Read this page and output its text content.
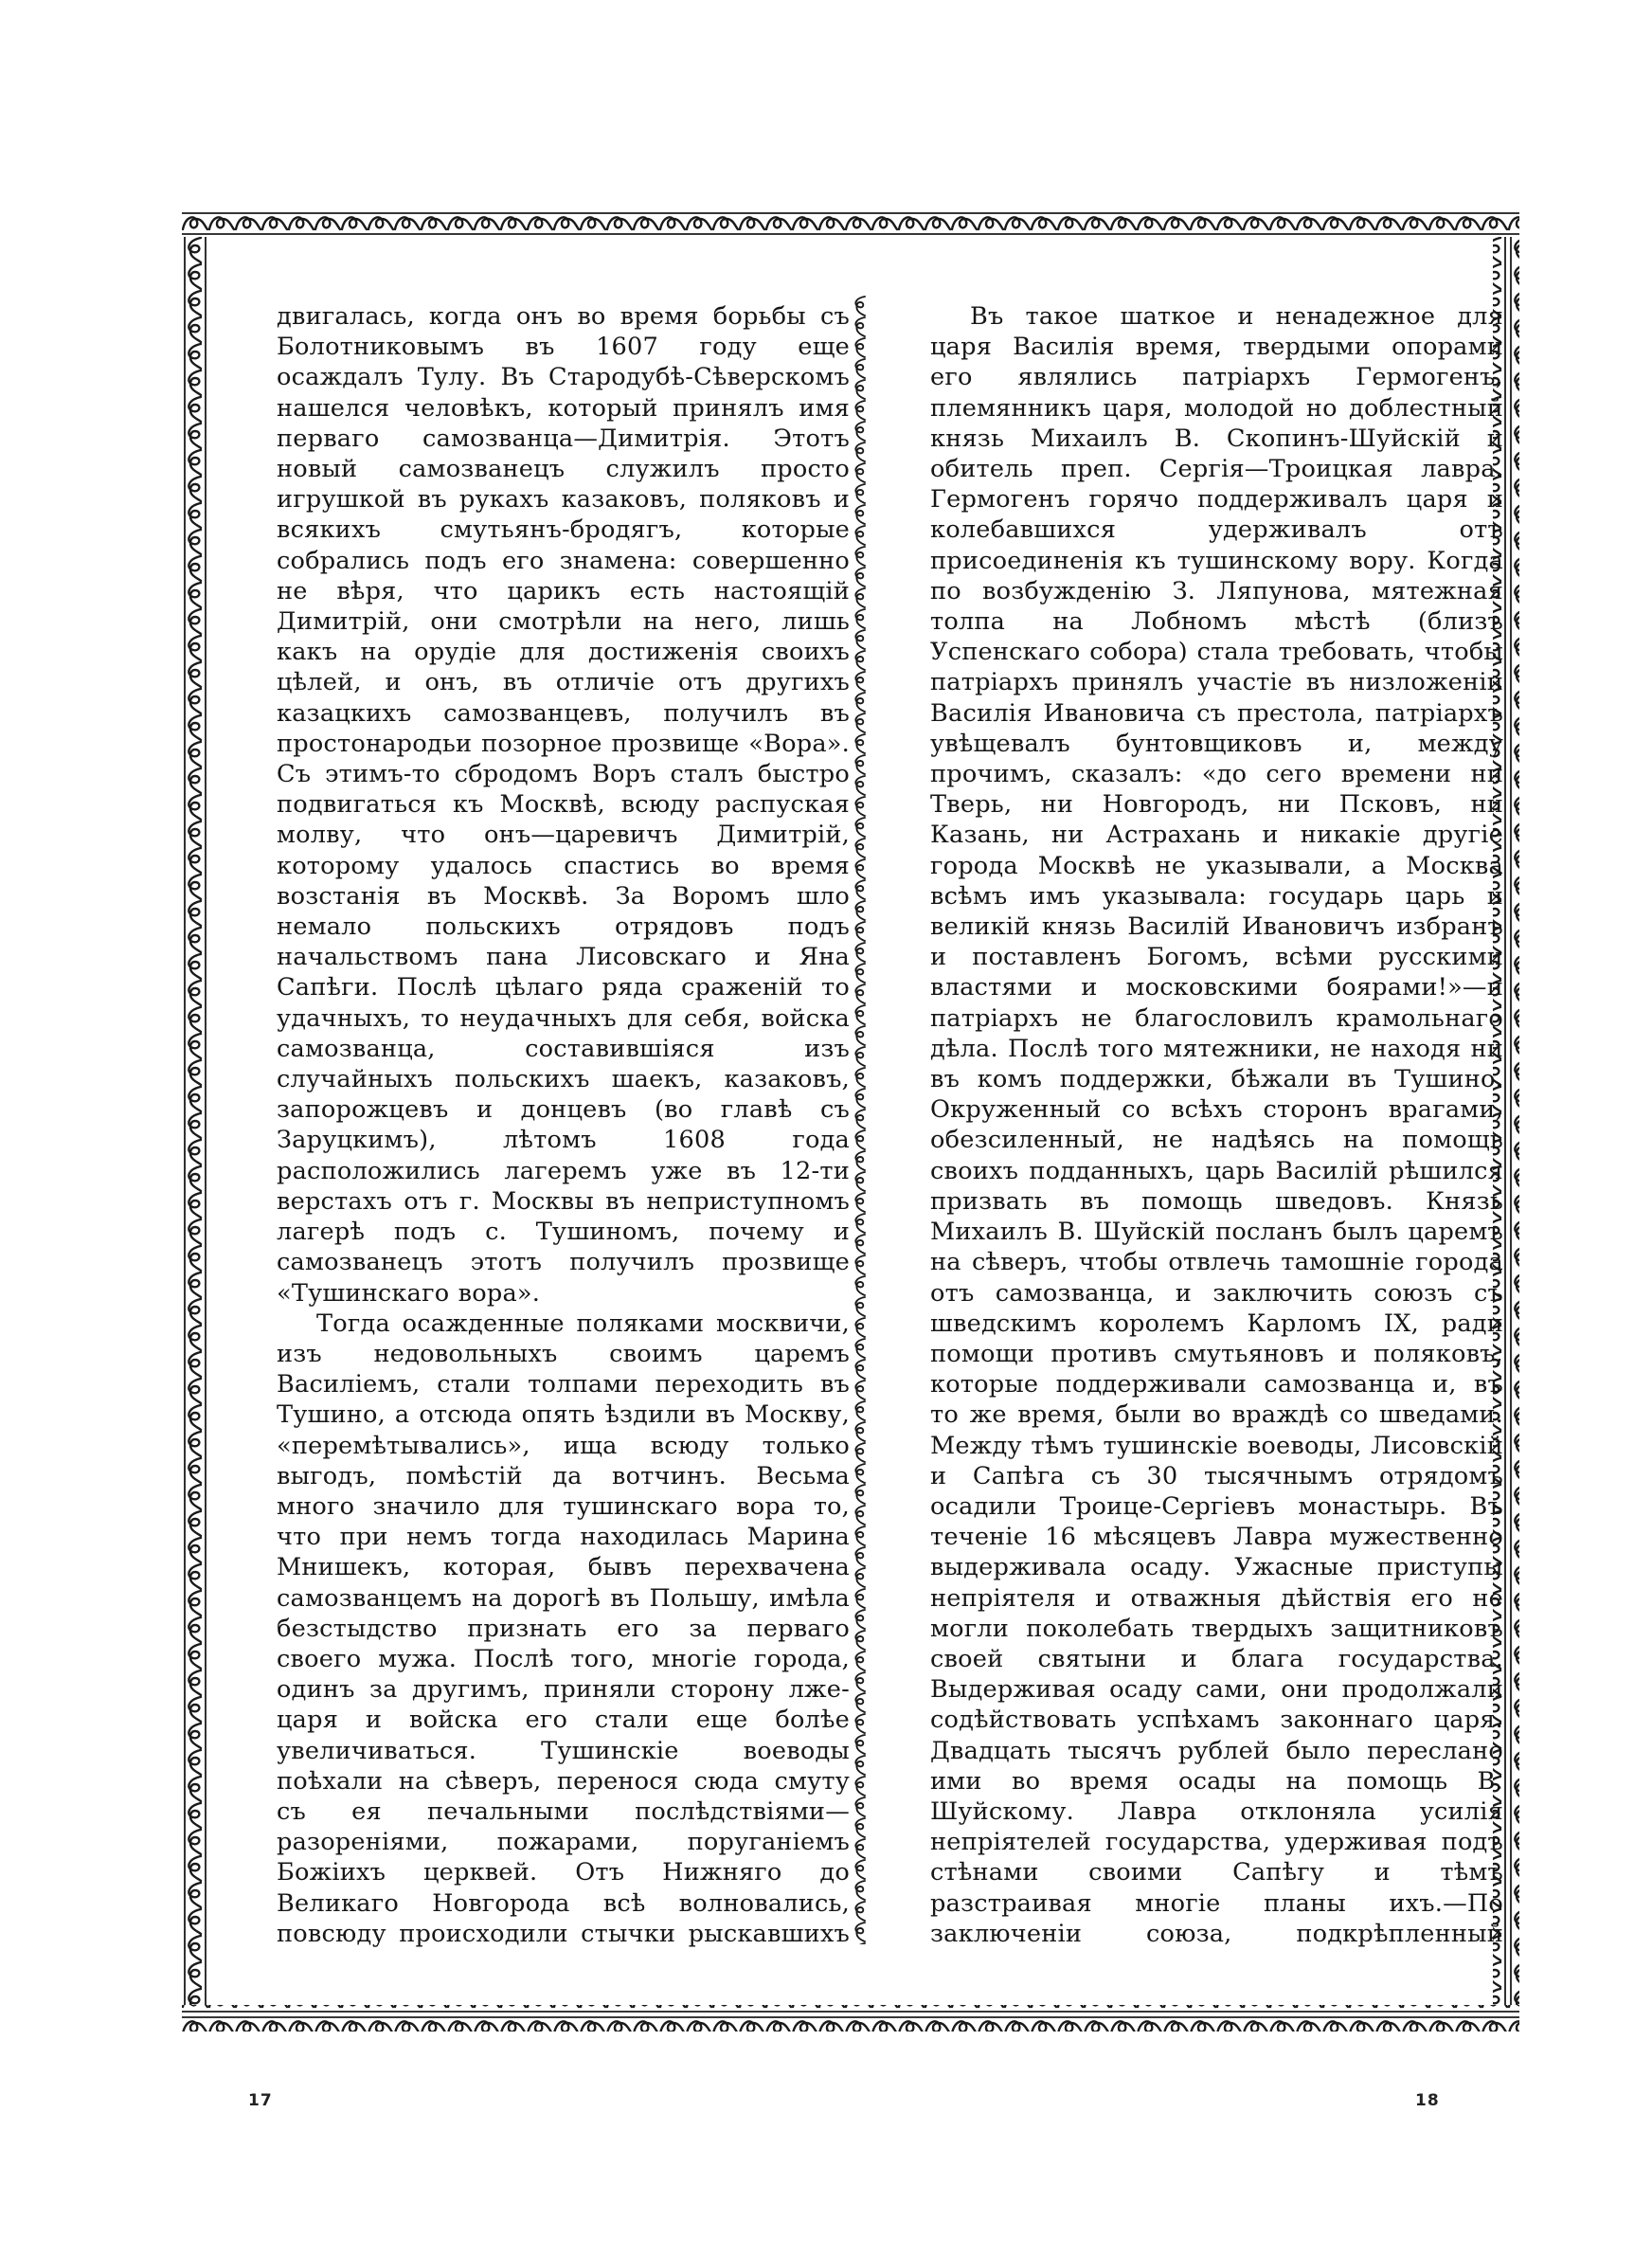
двигалась, когда онъ во время борьбы съ Болотниковымъ въ 1607 году еще осаждалъ Тулу. Въ Стародубѣ-Сѣверскомъ нашелся человѣкъ, который принялъ имя перваго самозванца—Димитрія. Этотъ новый самозванецъ служилъ просто игрушкой въ рукахъ казаковъ, поляковъ и всякихъ смутьянъ-бродягъ, которые собрались подъ его знамена: совершенно не вѣря, что царикъ есть настоящій Димитрій, они смотрѣли на него, лишь какъ на орудіе для достиженія своихъ цѣлей, и онъ, въ отличіе отъ другихъ казацкихъ самозванцевъ, получилъ въ простонародьи позорное прозвище «Вора». Съ этимъ-то сбродомъ Воръ сталъ быстро подвигаться къ Москвѣ, всюду распуская молву, что онъ—царевичъ Димитрій, которому удалось спастись во время возстанія въ Москвѣ. За Воромъ шло немало польскихъ отрядовъ подъ начальствомъ пана Лисовскаго и Яна Сапѣги. Послѣ цѣлаго ряда сраженій то удачныхъ, то неудачныхъ для себя, войска самозванца, составившіяся изъ случайныхъ польскихъ шаекъ, казаковъ, запорожцевъ и донцевъ (во главѣ съ Заруцкимъ), лѣтомъ 1608 года расположились лагеремъ уже въ 12-ти верстахъ отъ г. Москвы въ неприступномъ лагерѣ подъ с. Тушиномъ, почему и самозванецъ этотъ получилъ прозвище «Тушинскаго вора».

Тогда осажденные поляками москвичи, изъ недовольныхъ своимъ царемъ Василіемъ, стали толпами переходить въ Тушино, а отсюда опять ѣздили въ Москву, «перемѣтывались», ища всюду только выгодъ, помѣстій да вотчинъ. Весьма много значило для тушинскаго вора то, что при немъ тогда находилась Марина Мнишекъ, которая, бывъ перехвачена самозванцемъ на дорогѣ въ Польшу, имѣла безстыдство признать его за перваго своего мужа. Послѣ того, многіе города, одинъ за другимъ, приняли сторону лже-царя и войска его стали еще болѣе увеличиваться. Тушинскіе воеводы поѣхали на сѣверъ, перенося сюда смуту съ ея печальными послѣдствіями—разореніями, пожарами, поруганіемъ Божіихъ церквей. Отъ Нижняго до Великаго Новгорода всѣ волновались, повсюду происходили стычки рыскавшихъ

Въ такое шаткое и ненадежное для царя Василія время, твердыми опорами его являлись патріархъ Гермогенъ, племянникъ царя, молодой но доблестный князь Михаилъ В. Скопинъ-Шуйскій и обитель преп. Сергія—Троицкая лавра. Гермогенъ горячо поддерживалъ царя и колебавшихся удерживалъ отъ присоединенія къ тушинскому вору. Когда по возбужденію З. Ляпунова, мятежная толпа на Лобномъ мѣстѣ (близъ Успенскаго собора) стала требовать, чтобы патріархъ принялъ участіе въ низложеніи Василія Ивановича съ престола, патріархъ увѣщевалъ бунтовщиковъ и, между прочимъ, сказалъ: «до сего времени ни Тверь, ни Новгородъ, ни Псковъ, ни Казань, ни Астрахань и никакіе другіе города Москвѣ не указывали, а Москва всѣмъ имъ указывала: государь царь и великій князь Василій Ивановичъ избранъ и поставленъ Богомъ, всѣми русскими властями и московскими боярами!»—и патріархъ не благословилъ крамольнаго дѣла. Послѣ того мятежники, не находя ни въ комъ поддержки, бѣжали въ Тушино. Окруженный со всѣхъ сторонъ врагами, обезсиленный, не надѣясь на помощь своихъ подданныхъ, царь Василій рѣшился призвать въ помощь шведовъ. Князь Михаилъ В. Шуйскій посланъ былъ царемъ на сѣверъ, чтобы отвлечь тамошніе города отъ самозванца, и заключить союзъ съ шведскимъ королемъ Карломъ IX, ради помощи противъ смутьяновъ и поляковъ, которые поддерживали самозванца и, въ то же время, были во враждѣ со шведами. Между тѣмъ тушинскіе воеводы, Лисовскій и Сапѣга съ 30 тысячнымъ отрядомъ осадили Троице-Сергіевъ монастырь. Въ теченіе 16 мѣсяцевъ Лавра мужественно выдерживала осаду. Ужасные приступы непріятеля и отважныя дѣйствія его не могли поколебать твердыхъ защитниковъ своей святыни и блага государства. Выдерживая осаду сами, они продолжали содѣйствовать успѣхамъ законнаго царя. Двадцать тысячъ рублей было переслано ими во время осады на помощь В. Шуйскому. Лавра отклоняла усилія непріятелей государства, удерживая подъ стѣнами своими Сапѣгу и тѣмъ разстраивая многіе планы ихъ.—По заключеніи союза, подкрѣпленный

17	18
